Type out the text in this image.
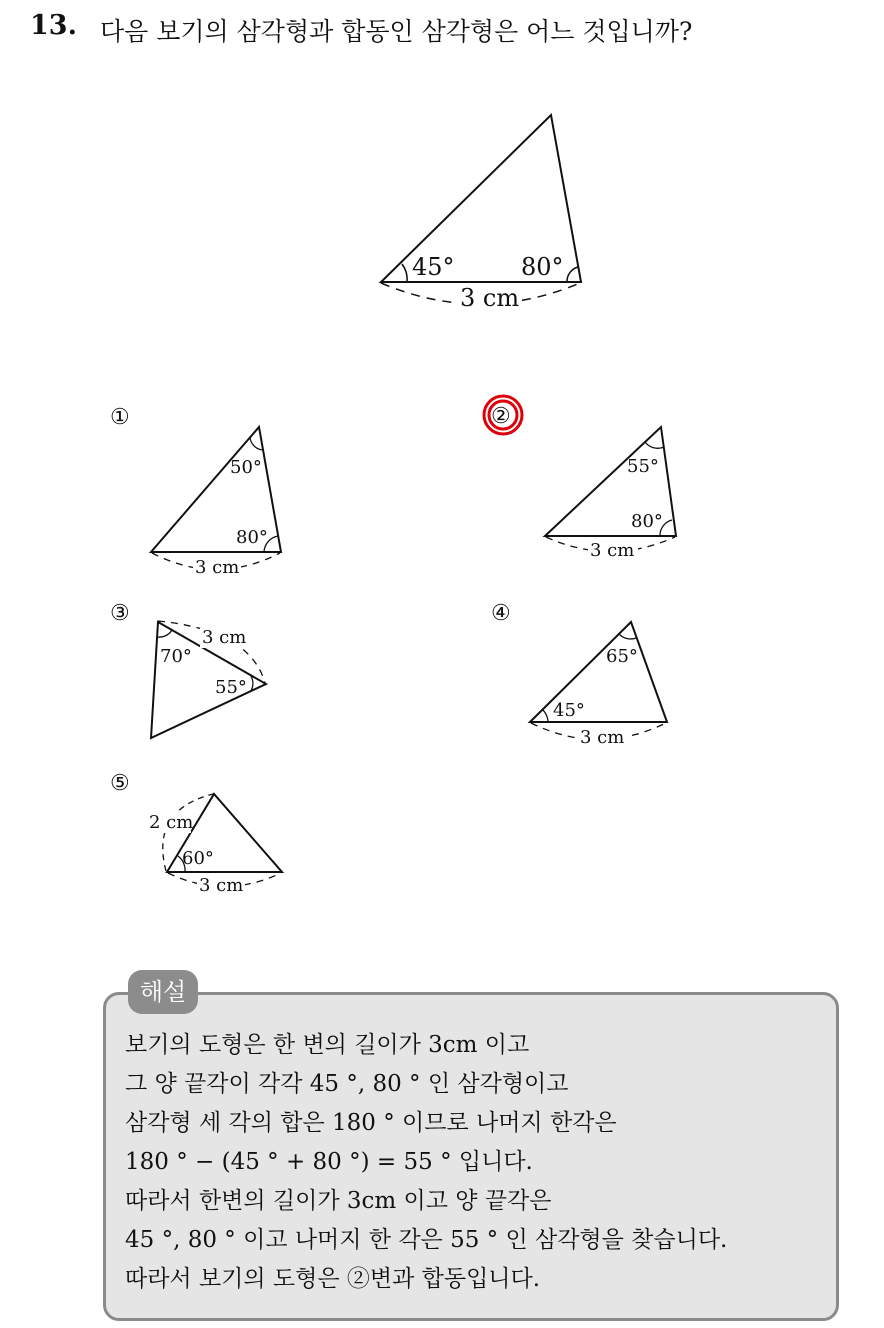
13. 다음 보기의 삼각형과 합동인 삼각형은 어느 것입니까?
45°	80°
3 cm
①
50°
80°
3 cm
②
55°
80°
3 cm
③
70°
3 cm
55°
④
65°
45°
3 cm
⑤
2 cm
60°
3 cm
해설
보기의 도형은 한 변의 길이가 3cm 이고
그 양 끝각이 각각 45 °, 80 ° 인 삼각형이고
삼각형 세 각의 합은 180 ° 이므로 나머지 한각은
180 ° − (45 ° + 80 °) = 55 ° 입니다.
따라서 한변의 길이가 3cm 이고 양 끝각은
45 °, 80 ° 이고 나머지 한 각은 55 ° 인 삼각형을 찾습니다.
따라서 보기의 도형은 ②변과 합동입니다.
